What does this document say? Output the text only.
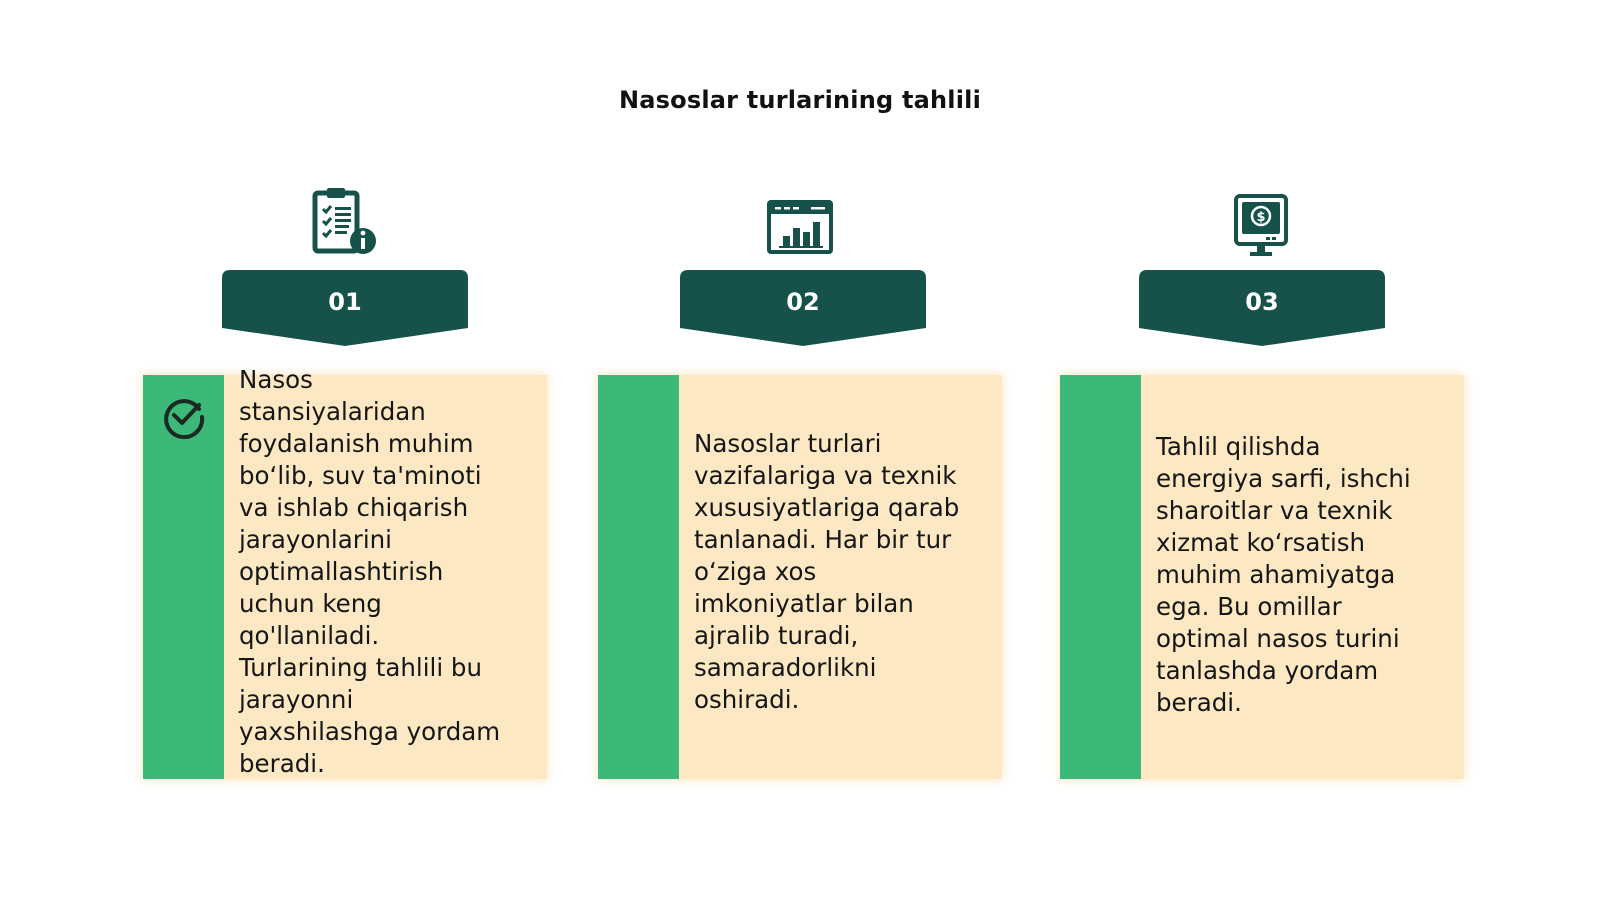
Nasoslar turlarining tahlili
01
Nasos
stansiyalaridan
foydalanish muhim
bo‘lib, suv ta'minoti
va ishlab chiqarish
jarayonlarini
optimallashtirish
uchun keng
qo'llaniladi.
Turlarining tahlili bu
jarayonni
yaxshilashga yordam
beradi.
02
Nasoslar turlari
vazifalariga va texnik
xususiyatlariga qarab
tanlanadi. Har bir tur
o‘ziga xos
imkoniyatlar bilan
ajralib turadi,
samaradorlikni
oshiradi.
$
03
Tahlil qilishda
energiya sarfi, ishchi
sharoitlar va texnik
xizmat ko‘rsatish
muhim ahamiyatga
ega. Bu omillar
optimal nasos turini
tanlashda yordam
beradi.
